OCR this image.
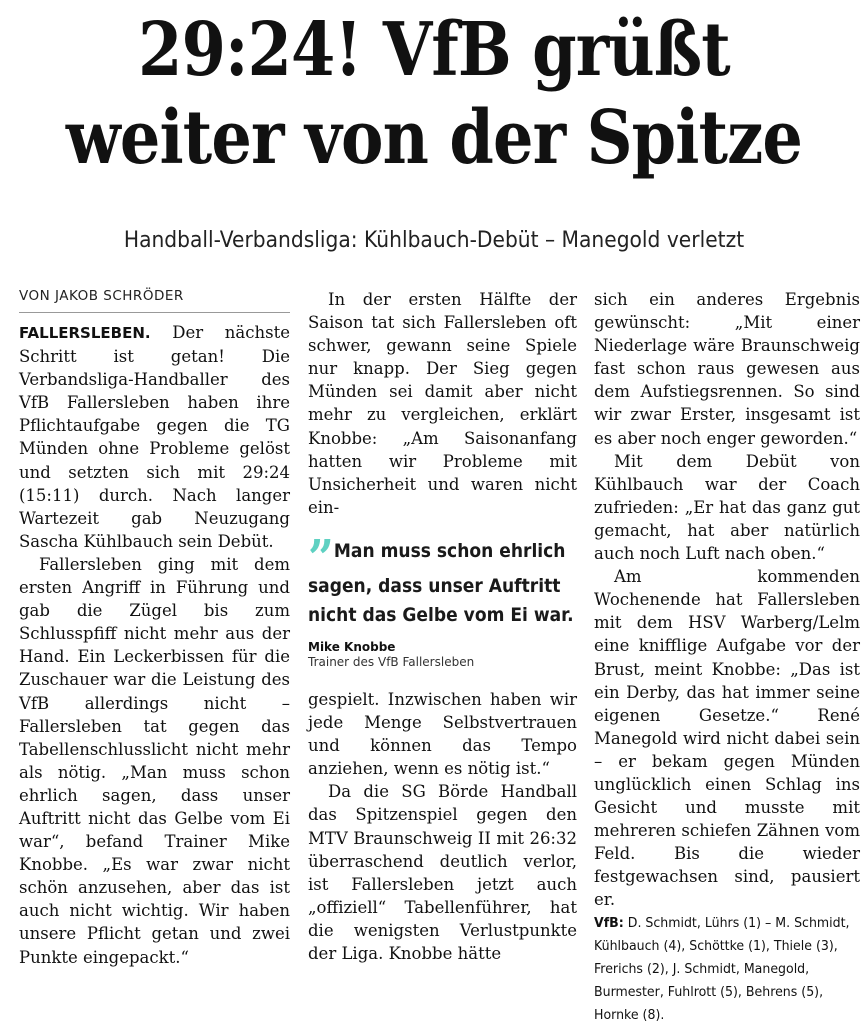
29:24! VfB grüßt
weiter von der Spitze
Handball-Verbandsliga: Kühlbauch-Debüt – Manegold verletzt
VON JAKOB SCHRÖDER

FALLERSLEBEN. Der nächste Schritt ist getan! Die Verbandsliga-Handballer des VfB Fallersleben haben ihre Pflichtaufgabe gegen die TG Münden ohne Probleme gelöst und setzten sich mit 29:24 (15:11) durch. Nach langer Wartezeit gab Neuzugang Sascha Kühlbauch sein Debüt.

Fallersleben ging mit dem ersten Angriff in Führung und gab die Zügel bis zum Schlusspfiff nicht mehr aus der Hand. Ein Leckerbissen für die Zuschauer war die Leistung des VfB allerdings nicht – Fallersleben tat gegen das Tabellenschlusslicht nicht mehr als nötig. „Man muss schon ehrlich sagen, dass unser Auftritt nicht das Gelbe vom Ei war“, befand Trainer Mike Knobbe. „Es war zwar nicht schön anzusehen, aber das ist auch nicht wichtig. Wir haben unsere Pflicht getan und zwei Punkte eingepackt.“

In der ersten Hälfte der Saison tat sich Fallersleben oft schwer, gewann seine Spiele nur knapp. Der Sieg gegen Münden sei damit aber nicht mehr zu vergleichen, erklärt Knobbe: „Am Saisonanfang hatten wir Probleme mit Unsicherheit und waren nicht ein-

” Man muss schon ehrlich sagen, dass unser Auftritt nicht das Gelbe vom Ei war.
Mike Knobbe
Trainer des VfB Fallersleben

gespielt. Inzwischen haben wir jede Menge Selbstvertrauen und können das Tempo anziehen, wenn es nötig ist.“

Da die SG Börde Handball das Spitzenspiel gegen den MTV Braunschweig II mit 26:32 überraschend deutlich verlor, ist Fallersleben jetzt auch „offiziell“ Tabellenführer, hat die wenigsten Verlustpunkte der Liga. Knobbe hätte

sich ein anderes Ergebnis gewünscht: „Mit einer Niederlage wäre Braunschweig fast schon raus gewesen aus dem Aufstiegsrennen. So sind wir zwar Erster, insgesamt ist es aber noch enger geworden.“

Mit dem Debüt von Kühlbauch war der Coach zufrieden: „Er hat das ganz gut gemacht, hat aber natürlich auch noch Luft nach oben.“

Am kommenden Wochenende hat Fallersleben mit dem HSV Warberg/Lelm eine knifflige Aufgabe vor der Brust, meint Knobbe: „Das ist ein Derby, das hat immer seine eigenen Gesetze.“ René Manegold wird nicht dabei sein – er bekam gegen Münden unglücklich einen Schlag ins Gesicht und musste mit mehreren schiefen Zähnen vom Feld. Bis die wieder festgewachsen sind, pausiert er.

VfB: D. Schmidt, Lührs (1) – M. Schmidt, Kühlbauch (4), Schöttke (1), Thiele (3), Frerichs (2), J. Schmidt, Manegold, Burmester, Fuhlrott (5), Behrens (5), Hornke (8).
